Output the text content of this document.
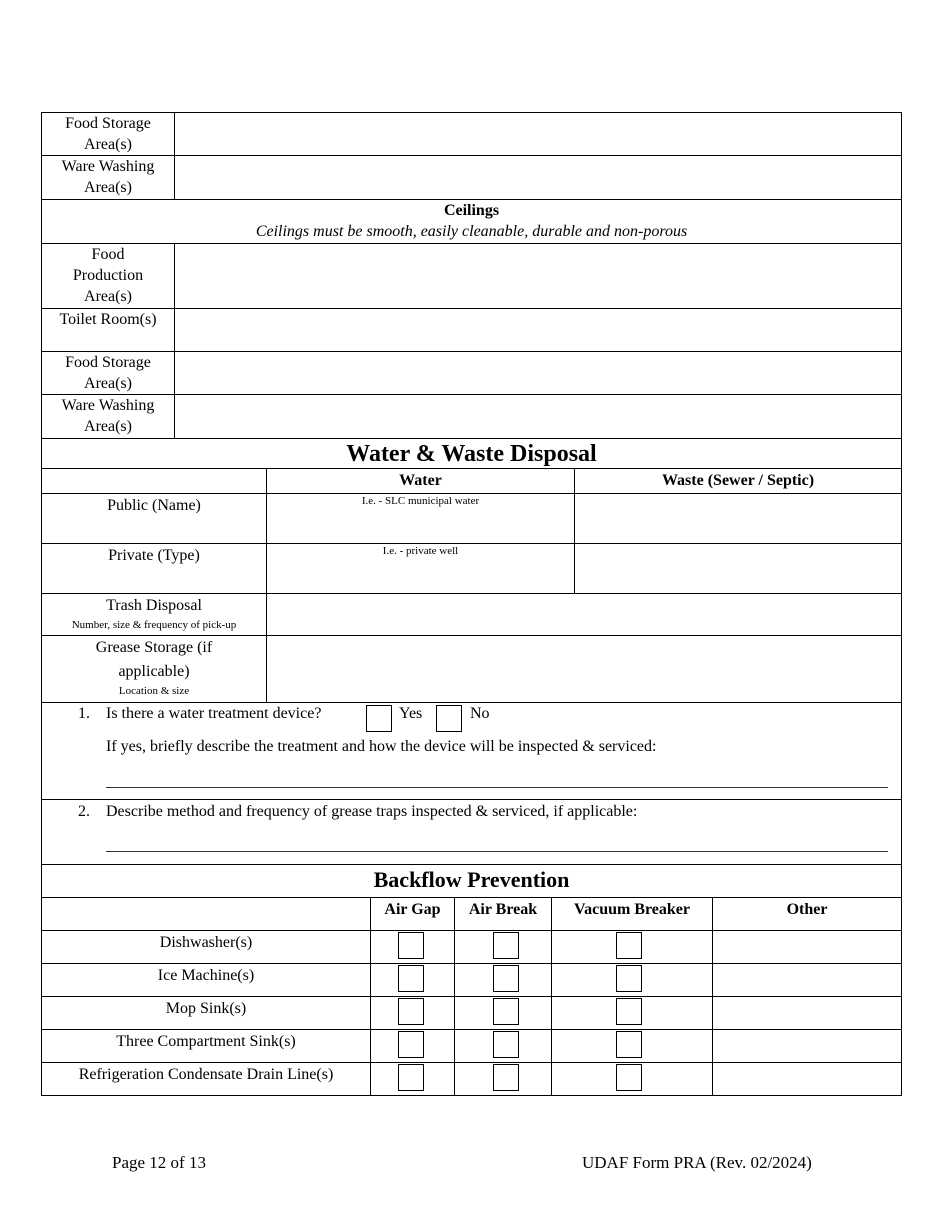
Food Storage Area(s)
Ware Washing Area(s)
Ceilings
Ceilings must be smooth, easily cleanable, durable and non-porous
Food Production Area(s)
Toilet Room(s)
Food Storage Area(s)
Ware Washing Area(s)
Water & Waste Disposal
Water	Waste (Sewer / Septic)
Public (Name)	I.e. - SLC municipal water
Private (Type)	I.e. - private well
Trash Disposal
Number, size & frequency of pick-up
Grease Storage (if
applicable)
Location & size
1. Is there a water treatment device?	Yes	No
If yes, briefly describe the treatment and how the device will be inspected & serviced:
2. Describe method and frequency of grease traps inspected & serviced, if applicable:
Backflow Prevention
Air Gap	Air Break	Vacuum Breaker	Other
Dishwasher(s)
Ice Machine(s)
Mop Sink(s)
Three Compartment Sink(s)
Refrigeration Condensate Drain Line(s)
Page 12 of 13	UDAF Form PRA (Rev. 02/2024)
